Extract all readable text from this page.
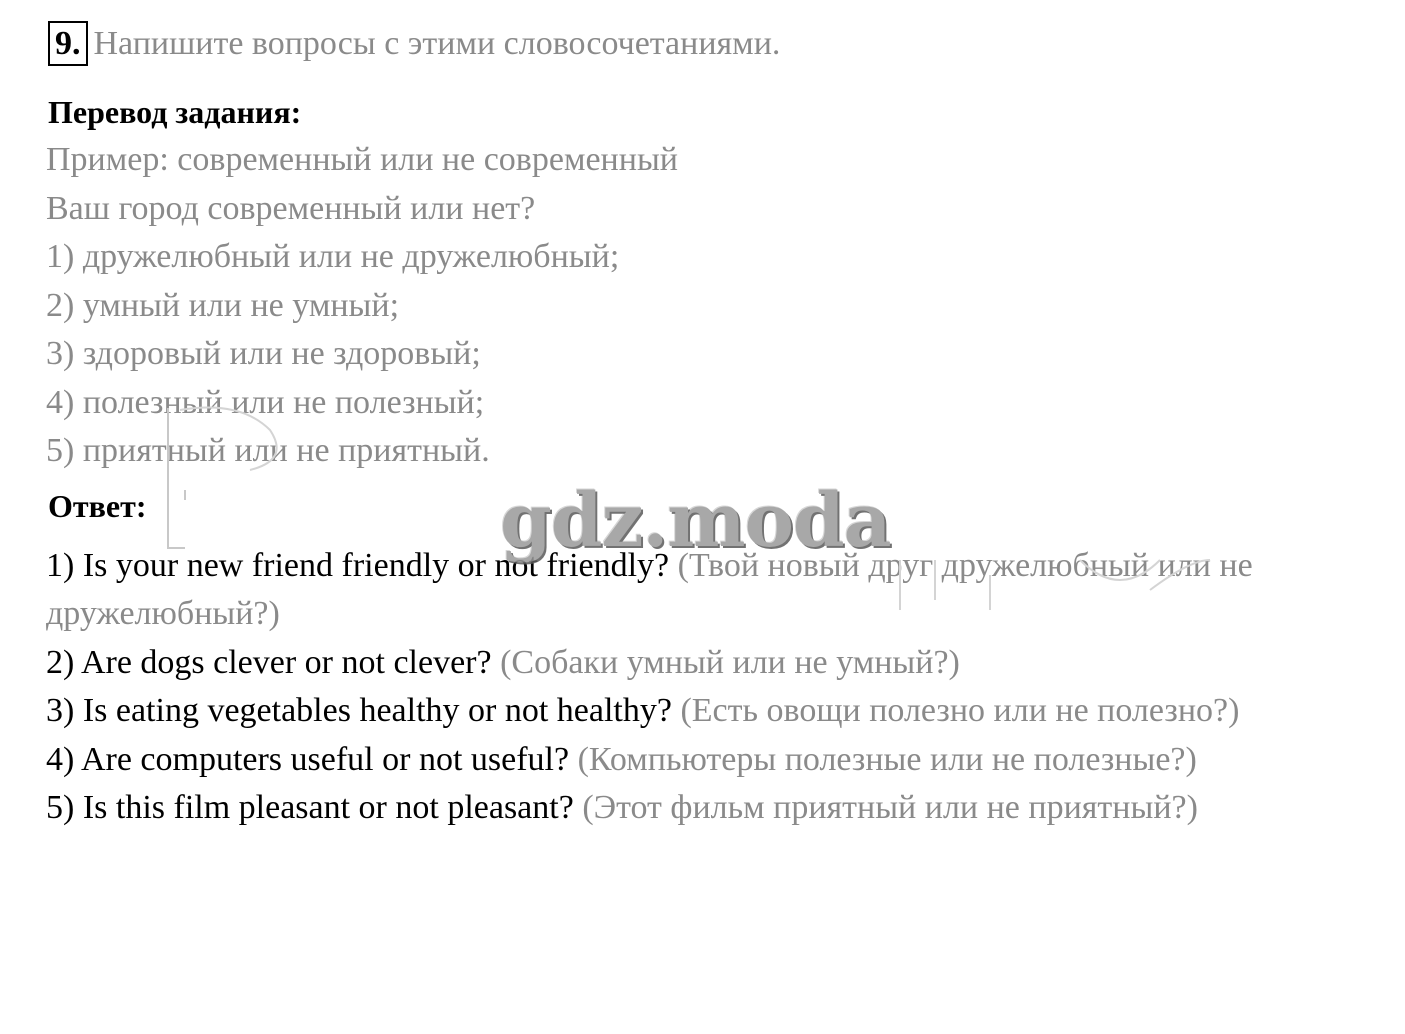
9. Напишите вопросы с этими словосочетаниями.
Перевод задания:
Пример: современный или не современный
Ваш город современный или нет?
1) дружелюбный или не дружелюбный;
2) умный или не умный;
3) здоровый или не здоровый;
4) полезный или не полезный;
5) приятный или не приятный.
Ответ:
1) Is your new friend friendly or not friendly? (Твой новый друг дружелюбный или не дружелюбный?)
2) Are dogs clever or not clever? (Собаки умный или не умный?)
3) Is eating vegetables healthy or not healthy? (Есть овощи полезно или не полезно?)
4) Are computers useful or not useful? (Компьютеры полезные или не полезные?)
5) Is this film pleasant or not pleasant? (Этот фильм приятный или не приятный?)
gdz.moda
